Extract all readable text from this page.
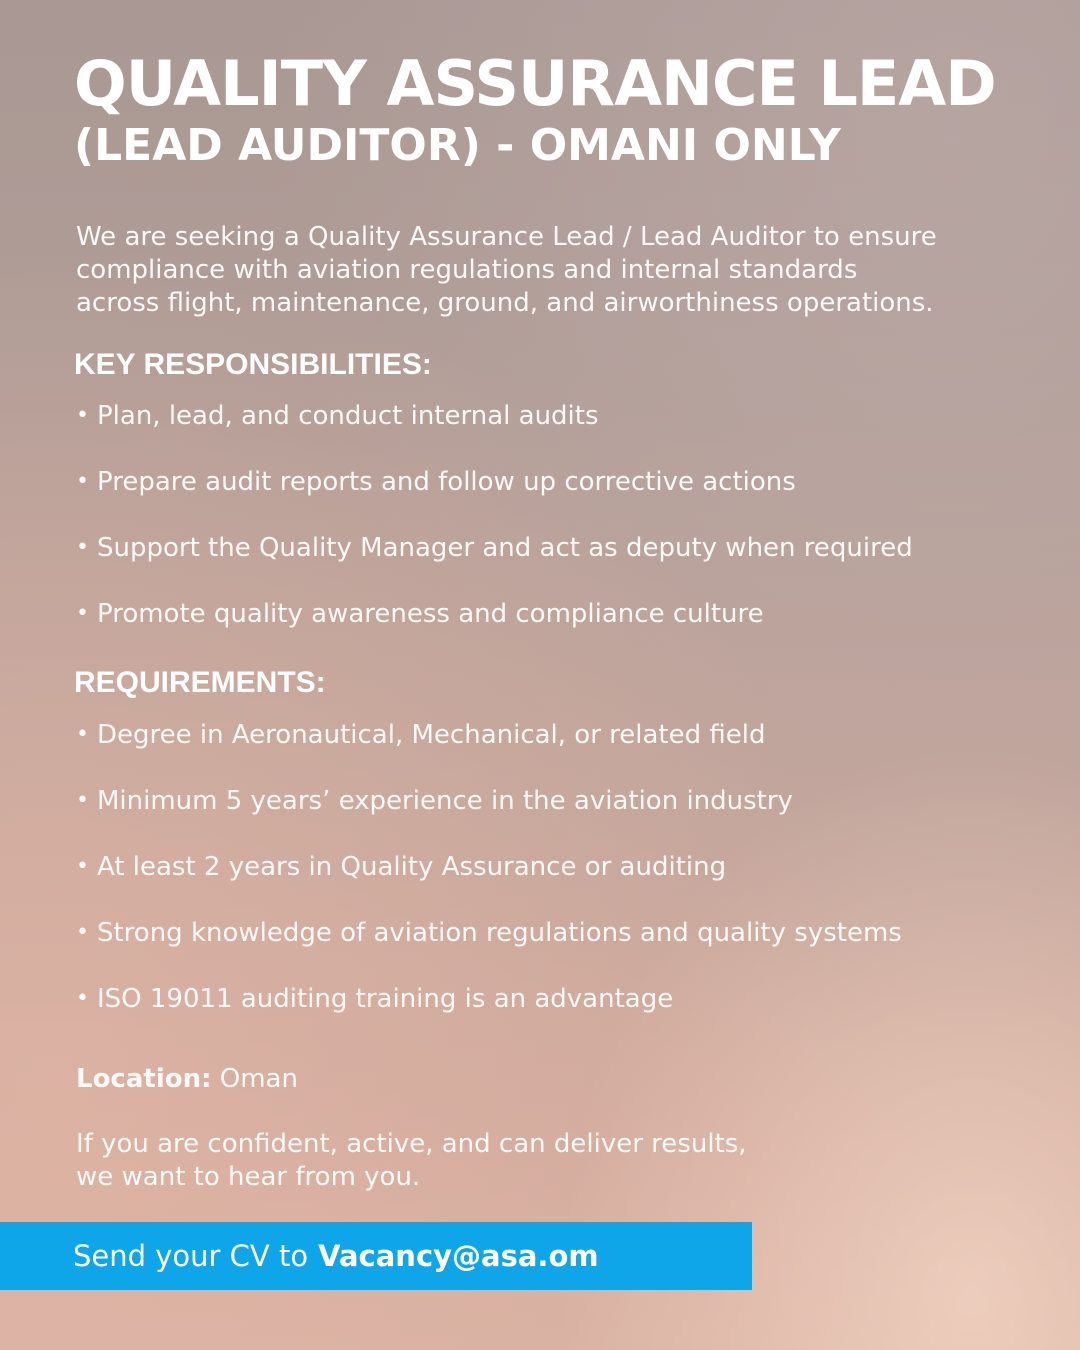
QUALITY ASSURANCE LEAD
(LEAD AUDITOR) - OMANI ONLY

We are seeking a Quality Assurance Lead / Lead Auditor to ensure
compliance with aviation regulations and internal standards
across flight, maintenance, ground, and airworthiness operations.

KEY RESPONSIBILITIES:
• Plan, lead, and conduct internal audits
• Prepare audit reports and follow up corrective actions
• Support the Quality Manager and act as deputy when required
• Promote quality awareness and compliance culture
REQUIREMENTS:
• Degree in Aeronautical, Mechanical, or related field
• Minimum 5 years’ experience in the aviation industry
• At least 2 years in Quality Assurance or auditing
• Strong knowledge of aviation regulations and quality systems
• ISO 19011 auditing training is an advantage

Location: Oman

If you are confident, active, and can deliver results,
we want to hear from you.

Send your CV to Vacancy@asa.om
